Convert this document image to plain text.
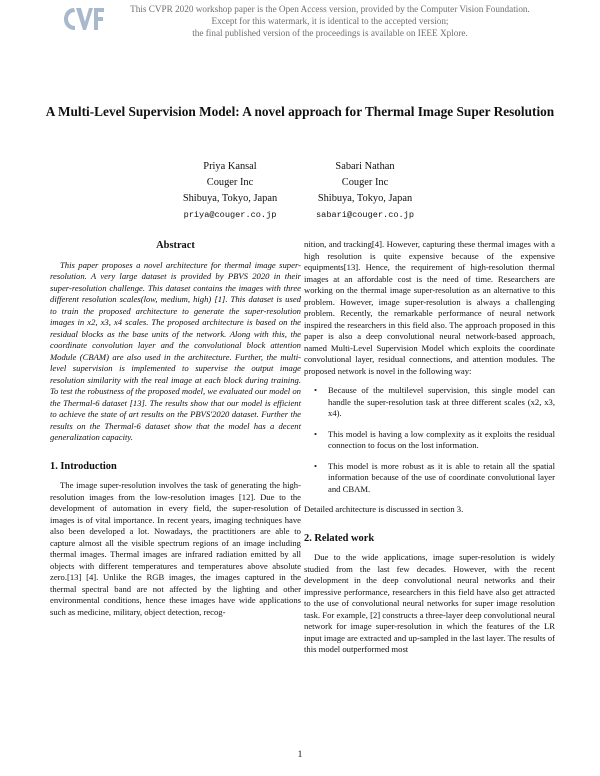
CVF	This CVPR 2020 workshop paper is the Open Access version, provided by the Computer Vision Foundation.
Except for this watermark, it is identical to the accepted version;
the final published version of the proceedings is available on IEEE Xplore.
A Multi-Level Supervision Model: A novel approach for Thermal Image Super Resolution
Priya Kansal
Couger Inc
Shibuya, Tokyo, Japan
priya@couger.co.jp
Sabari Nathan
Couger Inc
Shibuya, Tokyo, Japan
sabari@couger.co.jp
Abstract

This paper proposes a novel architecture for thermal image super-resolution. A very large dataset is provided by PBVS 2020 in their super-resolution challenge. This dataset contains the images with three different resolution scales(low, medium, high) [1]. This dataset is used to train the proposed architecture to generate the super-resolution images in x2, x3, x4 scales. The proposed architecture is based on the residual blocks as the base units of the network. Along with this, the coordinate convolution layer and the convolutional block attention Module (CBAM) are also used in the architecture. Further, the multi-level supervision is implemented to supervise the output image resolution similarity with the real image at each block during training. To test the robustness of the proposed model, we evaluated our model on the Thermal-6 dataset [13]. The results show that our model is efficient to achieve the state of art results on the PBVS'2020 dataset. Further the results on the Thermal-6 dataset show that the model has a decent generalization capacity.

1. Introduction

The image super-resolution involves the task of generating the high-resolution images from the low-resolution images [12]. Due to the development of automation in every field, the super-resolution of images is of vital importance. In recent years, imaging techniques have also been developed a lot. Nowadays, the practitioners are able to capture almost all the visible spectrum regions of an image including thermal images. Thermal images are infrared radiation emitted by all objects with different temperatures and temperatures above absolute zero.[13] [4]. Unlike the RGB images, the images captured in the thermal spectral band are not affected by the lighting and other environmental conditions, hence these images have wide applications such as medicine, military, object detection, recog-

nition, and tracking[4]. However, capturing these thermal images with a high resolution is quite expensive because of the expensive equipments[13]. Hence, the requirement of high-resolution thermal images at an affordable cost is the need of time. Researchers are working on the thermal image super-resolution as an alternative to this problem. However, image super-resolution is always a challenging problem. Recently, the remarkable performance of neural network inspired the researchers in this field also. The approach proposed in this paper is also a deep convolutional neural network-based approach, named Multi-Level Supervision Model which exploits the coordinate convolutional layer, residual connections, and attention modules. The proposed network is novel in the following way:

• Because of the multilevel supervision, this single model can handle the super-resolution task at three different scales (x2, x3, x4).
• This model is having a low complexity as it exploits the residual connection to focus on the lost information.
• This model is more robust as it is able to retain all the spatial information because of the use of coordinate convolutional layer and CBAM.

Detailed architecture is discussed in section 3.

2. Related work

Due to the wide applications, image super-resolution is widely studied from the last few decades. However, with the recent development in the deep convolutional neural networks and their impressive performance, researchers in this field have also get attracted to the use of convolutional neural networks for super image resolution task. For example, [2] constructs a three-layer deep convolutional neural network for image super-resolution in which the features of the LR input image are extracted and up-sampled in the last layer. The results of this model outperformed most

1
